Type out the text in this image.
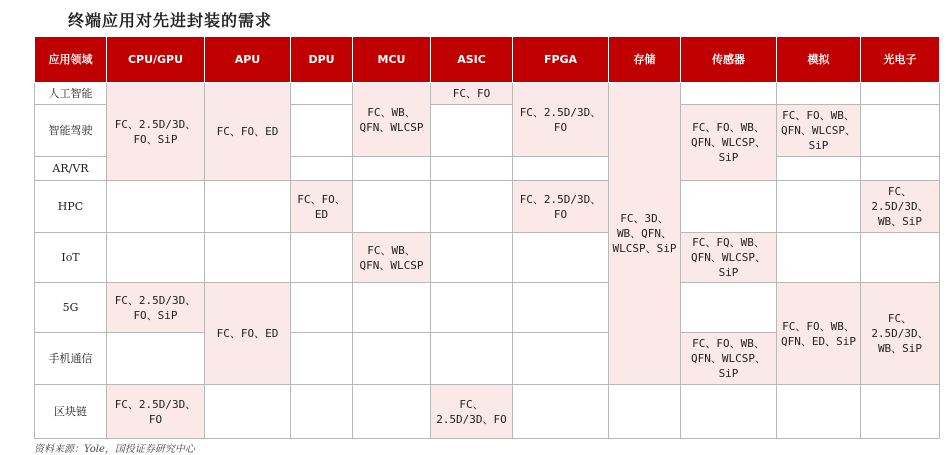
终端应用对先进封装的需求
应用领域	CPU/GPU	APU	DPU	MCU	ASIC	FPGA	存储	传感器	模拟	光电子
人工智能	FC、2.5D/3D、FO、SiP	FC、FO、ED		FC、WB、QFN、WLCSP	FC、FO	FC、2.5D/3D、FO	FC、3D、WB、QFN、WLCSP、SiP			
智能驾驶								FC、FO、WB、QFN、WLCSP、SiP	FC、FO、WB、QFN、WLCSP、SiP	
AR/VR										
HPC			FC、FO、ED			FC、2.5D/3D、FO				FC、2.5D/3D、WB、SiP
IoT				FC、WB、QFN、WLCSP				FC、FQ、WB、QFN、WLCSP、SiP		
5G	FC、2.5D/3D、FO、SiP	FC、FO、ED							FC、FO、WB、QFN、ED、SiP	FC、2.5D/3D、WB、SiP
手机通信								FC、FO、WB、QFN、WLCSP、SiP		
区块链	FC、2.5D/3D、FO				FC、2.5D/3D、FO					
资料来源：Yole，国投证券研究中心
